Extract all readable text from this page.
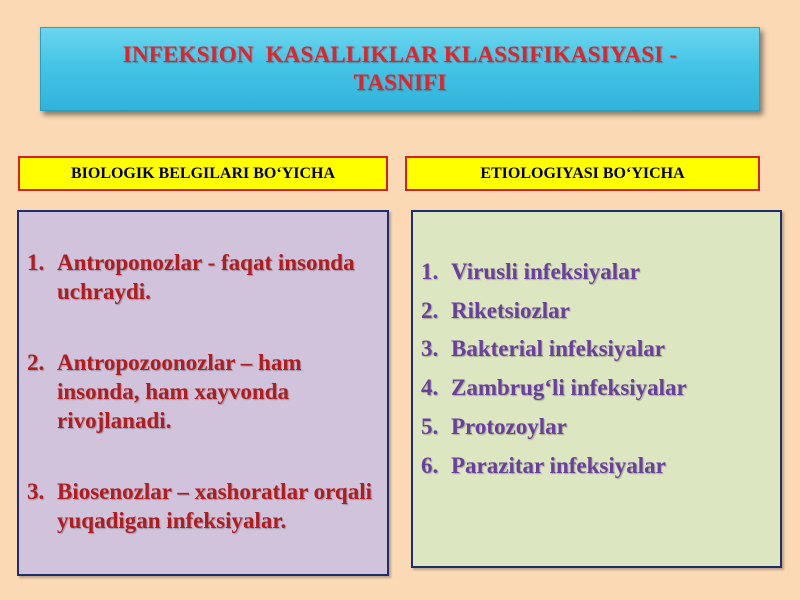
INFEKSION  KASALLIKLAR KLASSIFIKASIYASI -
TASNIFI
BIOLOGIK BELGILARI BO‘YICHA	ETIOLOGIYASI BO‘YICHA
1. Antroponozlar - faqat insonda uchraydi.
2. Antropozoonozlar – ham insonda, ham xayvonda rivojlanadi.
3. Biosenozlar – xashoratlar orqali yuqadigan infeksiyalar.
1. Virusli infeksiyalar
2. Riketsiozlar
3. Bakterial infeksiyalar
4. Zambrug‘li infeksiyalar
5. Protozoylar
6. Parazitar infeksiyalar
